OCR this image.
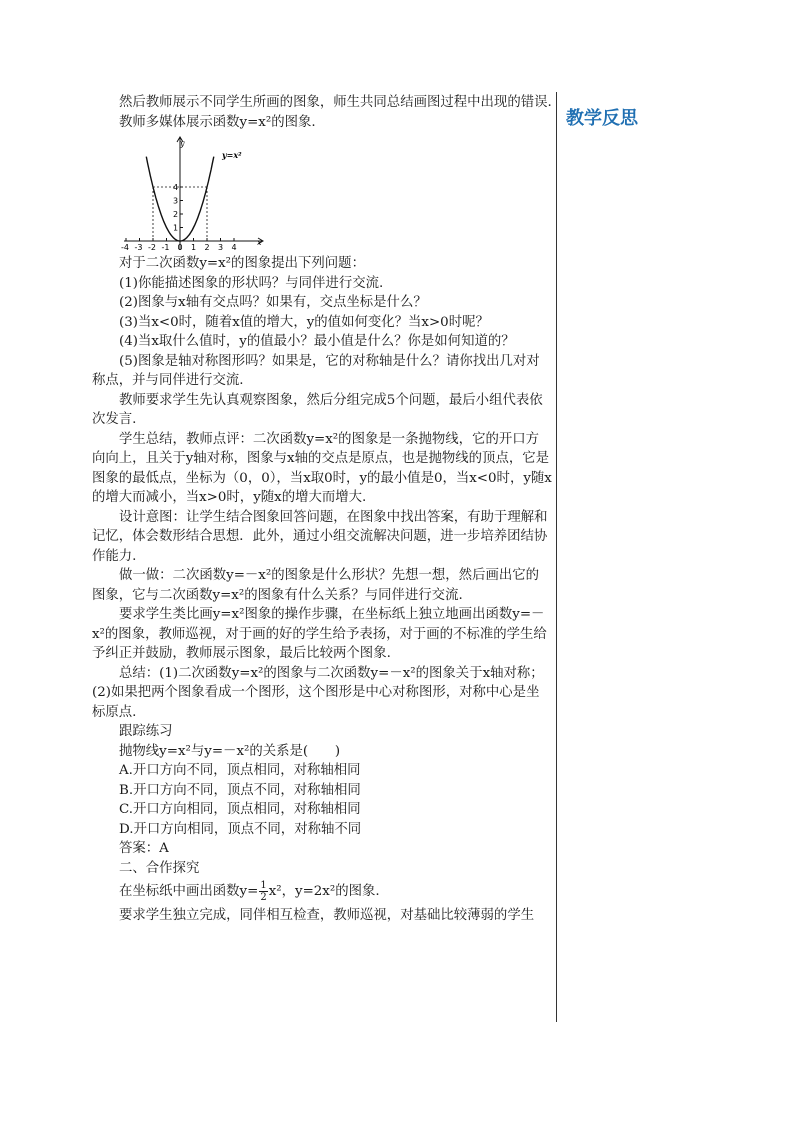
教学反思

然后教师展示不同学生所画的图象，师生共同总结画图过程中出现的错误.

教师多媒体展示函数y=x²的图象.

-4 -3 -2 -1 0 1 2 3 4
1
2
3
4
y=x²
y
x

对于二次函数y=x²的图象提出下列问题：

(1)你能描述图象的形状吗？与同伴进行交流.

(2)图象与x轴有交点吗？如果有，交点坐标是什么？

(3)当x<0时，随着x值的增大，y的值如何变化？当x>0时呢？

(4)当x取什么值时，y的值最小？最小值是什么？你是如何知道的？

(5)图象是轴对称图形吗？如果是，它的对称轴是什么？请你找出几对对称点，并与同伴进行交流.

教师要求学生先认真观察图象，然后分组完成5个问题，最后小组代表依次发言.

学生总结，教师点评：二次函数y=x²的图象是一条抛物线，它的开口方向向上，且关于y轴对称，图象与x轴的交点是原点，也是抛物线的顶点，它是图象的最低点，坐标为（0，0），当x取0时，y的最小值是0，当x<0时，y随x的增大而减小，当x>0时，y随x的增大而增大.

设计意图：让学生结合图象回答问题，在图象中找出答案，有助于理解和记忆，体会数形结合思想．此外，通过小组交流解决问题，进一步培养团结协作能力.

做一做：二次函数y=－x²的图象是什么形状？先想一想，然后画出它的图象，它与二次函数y=x²的图象有什么关系？与同伴进行交流.

要求学生类比画y=x²图象的操作步骤，在坐标纸上独立地画出函数y=－x²的图象，教师巡视，对于画的好的学生给予表扬，对于画的不标准的学生给予纠正并鼓励，教师展示图象，最后比较两个图象.

总结：(1)二次函数y=x²的图象与二次函数y=－x²的图象关于x轴对称；(2)如果把两个图象看成一个图形，这个图形是中心对称图形，对称中心是坐标原点.

跟踪练习

抛物线y=x²与y=－x²的关系是(　　)

A.开口方向不同，顶点相同，对称轴相同

B.开口方向不同，顶点不同，对称轴相同

C.开口方向相同，顶点相同，对称轴相同

D.开口方向相同，顶点不同，对称轴不同

答案：A

二、合作探究

在坐标纸中画出函数$y= \frac{1}{2} x^2$，y=2x²的图象.

要求学生独立完成，同伴相互检查，教师巡视，对基础比较薄弱的学生
